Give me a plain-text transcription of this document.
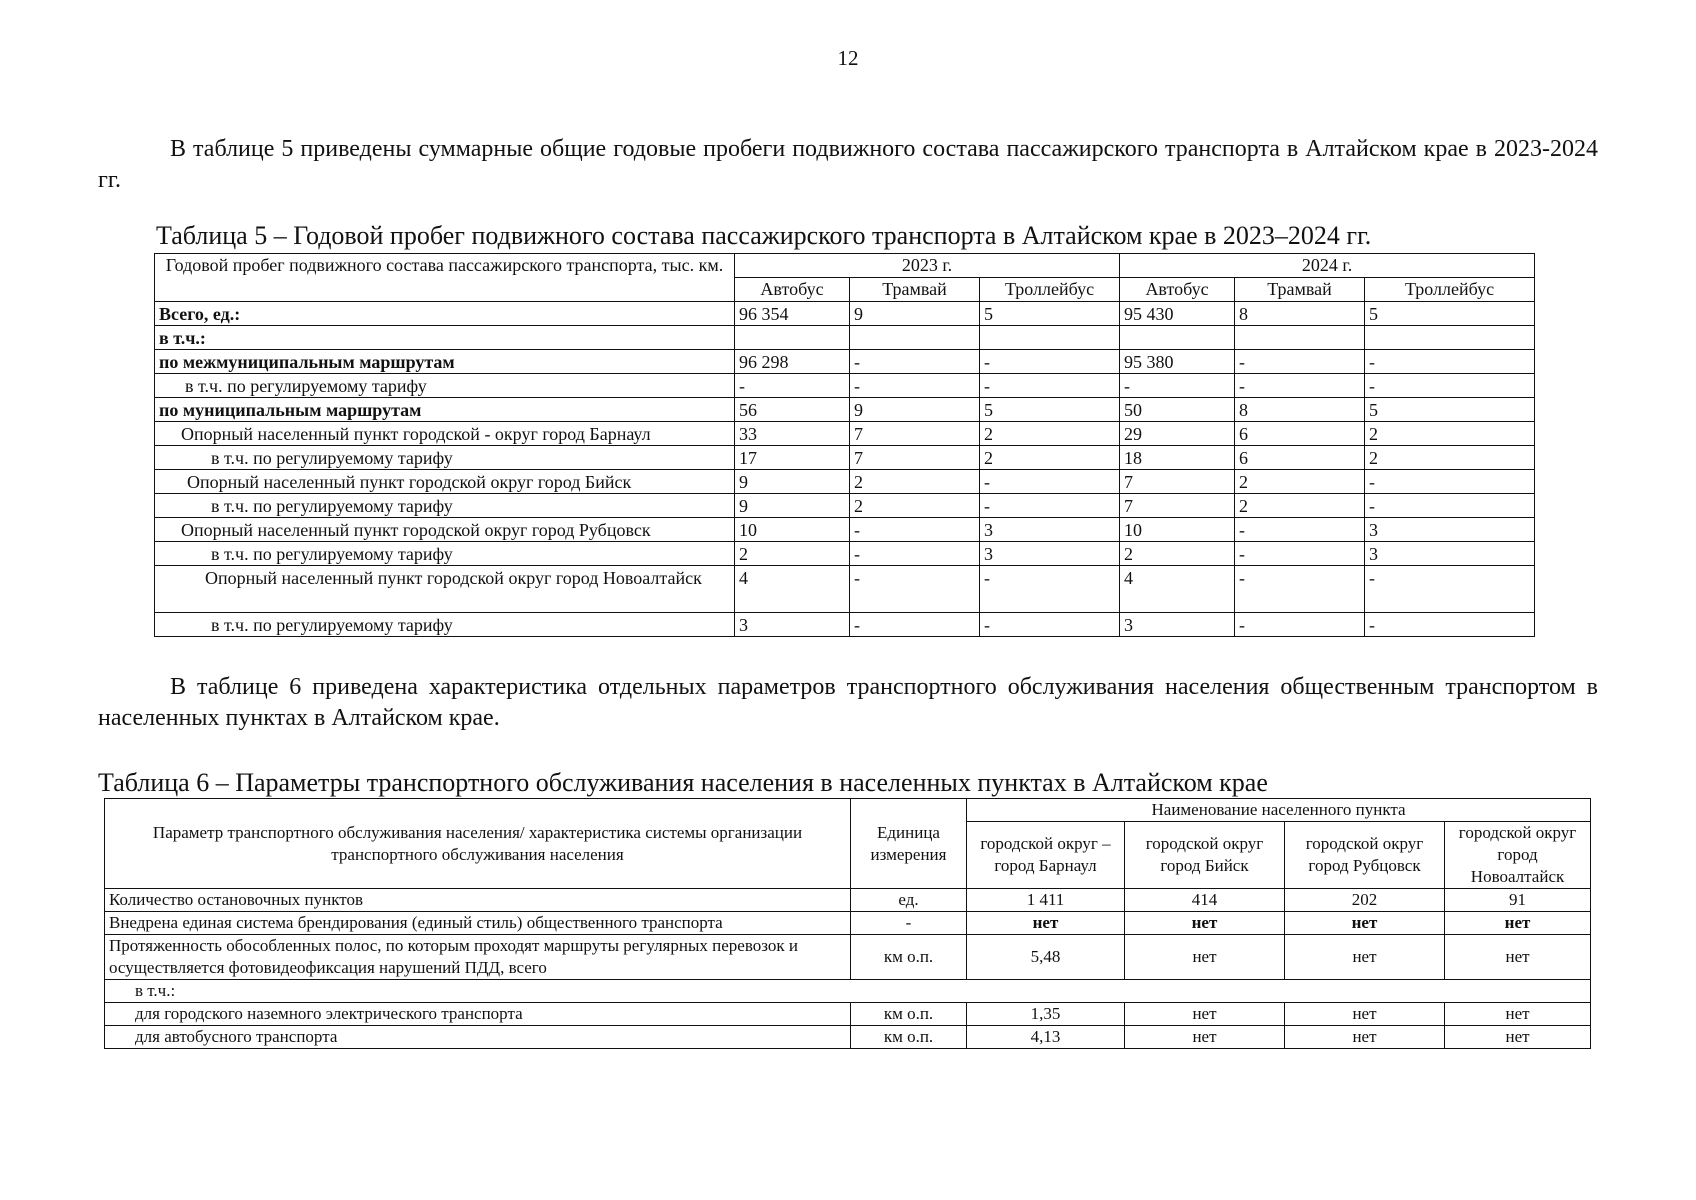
12
В таблице 5 приведены суммарные общие годовые пробеги подвижного состава пассажирского транспорта в Алтайском крае в 2023-2024 гг.
Таблица 5 – Годовой пробег подвижного состава пассажирского транспорта в Алтайском крае в 2023–2024 гг.
Годовой пробег подвижного состава пассажирского транспорта, тыс. км.	2023 г.			2024 г.		
	Автобус	Трамвай	Троллейбус	Автобус	Трамвай	Троллейбус
Всего, ед.:	96 354	9	5	95 430	8	5
в т.ч.:						
по межмуниципальным маршрутам	96 298	-	-	95 380	-	-
в т.ч. по регулируемому тарифу	-	-	-	-	-	-
по муниципальным маршрутам	56	9	5	50	8	5
Опорный населенный пункт городской - округ город Барнаул	33	7	2	29	6	2
в т.ч. по регулируемому тарифу	17	7	2	18	6	2
Опорный населенный пункт городской округ город Бийск	9	2	-	7	2	-
в т.ч. по регулируемому тарифу	9	2	-	7	2	-
Опорный населенный пункт городской округ город Рубцовск	10	-	3	10	-	3
в т.ч. по регулируемому тарифу	2	-	3	2	-	3
Опорный населенный пункт городской округ город Новоалтайск	4	-	-	4	-	-
в т.ч. по регулируемому тарифу	3	-	-	3	-	-
В таблице 6 приведена характеристика отдельных параметров транспортного обслуживания населения общественным транспортом в населенных пунктах в Алтайском крае.
Таблица 6 – Параметры транспортного обслуживания населения в населенных пунктах в Алтайском крае
Параметр транспортного обслуживания населения/ характеристика системы организации транспортного обслуживания населения	Единица измерения	Наименование населенного пункта			
		городской округ – город Барнаул	городской округ город Бийск	городской округ город Рубцовск	городской округ город Новоалтайск
Количество остановочных пунктов	ед.	1 411	414	202	91
Внедрена единая система брендирования (единый стиль) общественного транспорта	-	нет	нет	нет	нет
Протяженность обособленных полос, по которым проходят маршруты регулярных перевозок и осуществляется фотовидеофиксация нарушений ПДД, всего	км о.п.	5,48	нет	нет	нет
в т.ч.:					
для городского наземного электрического транспорта	км о.п.	1,35	нет	нет	нет
для автобусного транспорта	км о.п.	4,13	нет	нет	нет
